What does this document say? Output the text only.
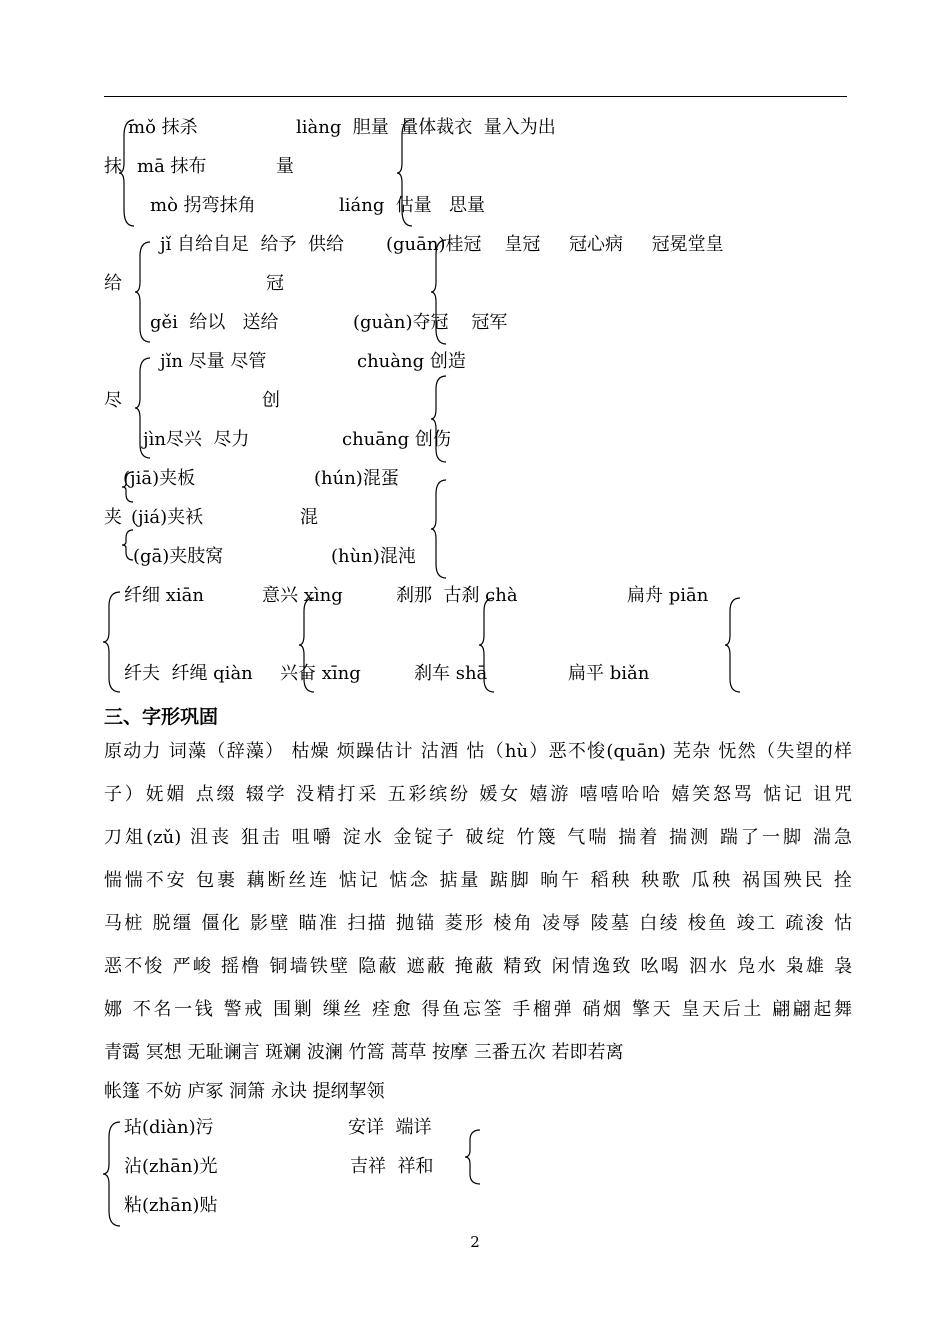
mǒ 抹杀
抹 mā 抹布
mò 拐弯抹角
liàng  胆量  量体裁衣  量入为出
量
liáng  估量   思量
jǐ 自给自足  给予  供给
给
gěi  给以   送给
(guān)桂冠    皇冠     冠心病     冠冕堂皇
冠
(guàn)夺冠    冠军
jǐn 尽量 尽管
尽
jìn尽兴  尽力
chuàng 创造
创
chuāng 创伤
(jiā)夹板
夹 (jiá)夹袄
(gā)夹肢窝
(hún)混蛋
混
(hùn)混沌
纤细 xiān
纤夫  纤绳 qiàn
意兴 xìng
兴奋 xīng
刹那  古刹 chà
刹车 shā
扁舟 piān
扁平 biǎn
三、字形巩固
原动力 词藻（辞藻） 枯燥 烦躁估计 沽酒 怙（hù）恶不悛(quān) 芜杂 怃然（失望的样
子）妩媚 点缀 辍学 没精打采 五彩缤纷 媛女 嬉游 嘻嘻哈哈 嬉笑怒骂 惦记 诅咒
刀俎(zǔ) 沮丧 狙击 咀嚼 淀水 金锭子 破绽 竹篾 气喘 揣着 揣测 踹了一脚 湍急
惴惴不安 包裹 藕断丝连 惦记 惦念 掂量 踮脚 晌午 稻秧 秧歌 瓜秧 祸国殃民 拴
马桩 脱缰 僵化 影壁 瞄准 扫描 抛锚 菱形 棱角 凌辱 陵墓 白绫 梭鱼 竣工 疏浚 怙
恶不悛 严峻 摇橹 铜墙铁壁 隐蔽 遮蔽 掩蔽 精致 闲情逸致 吆喝 泅水 凫水 枭雄 袅
娜 不名一钱 警戒 围剿 缫丝 痊愈 得鱼忘筌 手榴弹 硝烟 擎天 皇天后土 翩翩起舞
青霭 冥想 无耻谰言 斑斓 波澜 竹篙 蒿草 按摩 三番五次 若即若离
帐篷 不妨 庐冢 洞箫 永诀 提纲挈领
玷(diàn)污
沾(zhān)光
粘(zhān)贴
安详  端详
吉祥  祥和
2
